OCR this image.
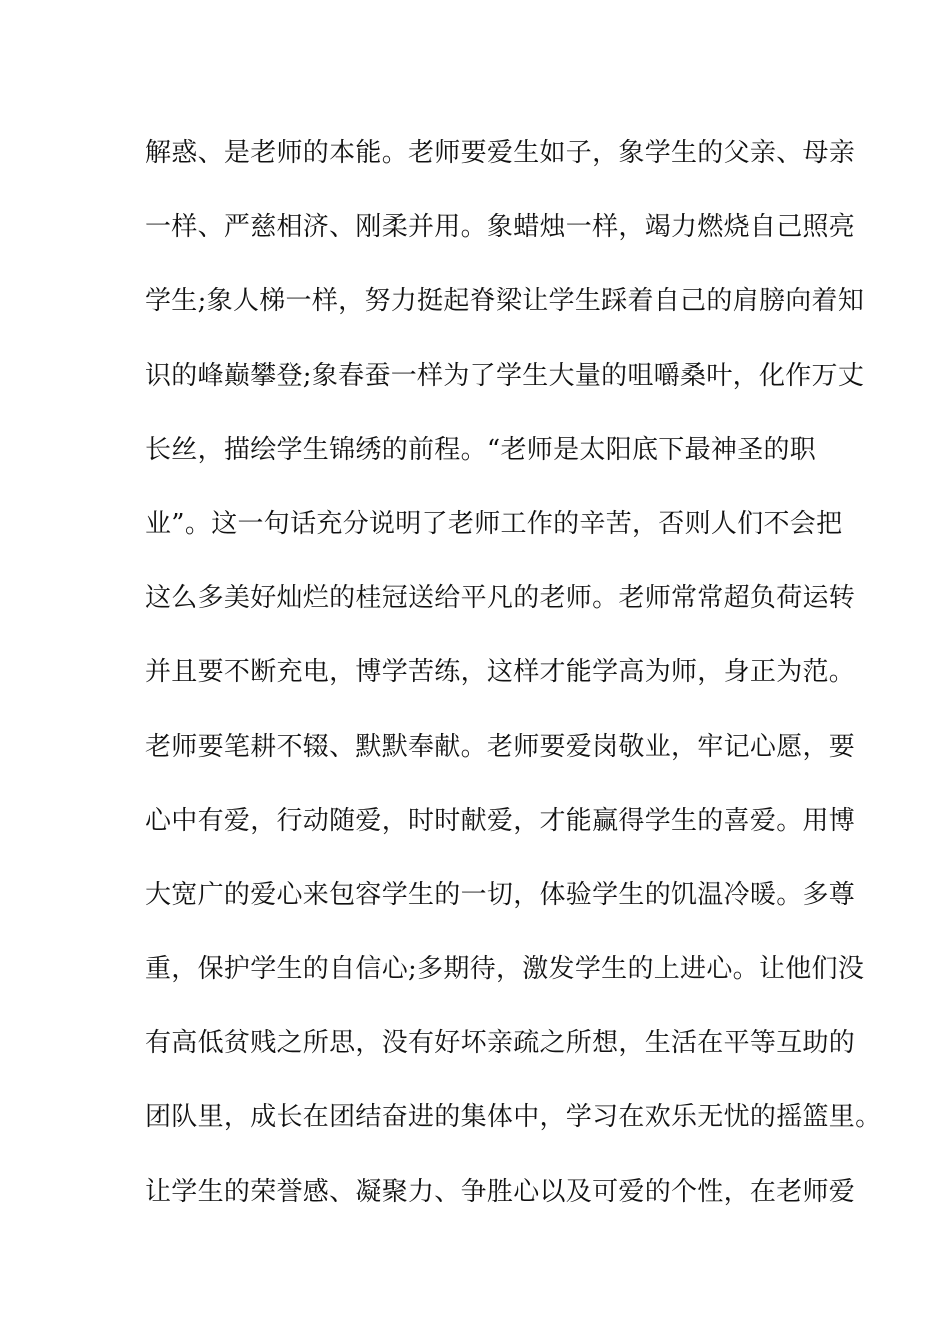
解惑、是老师的本能。老师要爱生如子，象学生的父亲、母亲
一样、严慈相济、刚柔并用。象蜡烛一样，竭力燃烧自己照亮
学生;象人梯一样，努力挺起脊梁让学生踩着自己的肩膀向着知
识的峰巅攀登;象春蚕一样为了学生大量的咀嚼桑叶，化作万丈
长丝，描绘学生锦绣的前程。“老师是太阳底下最神圣的职
业”。这一句话充分说明了老师工作的辛苦，否则人们不会把
这么多美好灿烂的桂冠送给平凡的老师。老师常常超负荷运转
并且要不断充电，博学苦练，这样才能学高为师，身正为范。
老师要笔耕不辍、默默奉献。老师要爱岗敬业，牢记心愿，要
心中有爱，行动随爱，时时献爱，才能赢得学生的喜爱。用博
大宽广的爱心来包容学生的一切，体验学生的饥温冷暖。多尊
重，保护学生的自信心;多期待，激发学生的上进心。让他们没
有高低贫贱之所思，没有好坏亲疏之所想，生活在平等互助的
团队里，成长在团结奋进的集体中，学习在欢乐无忧的摇篮里。
让学生的荣誉感、凝聚力、争胜心以及可爱的个性，在老师爱
